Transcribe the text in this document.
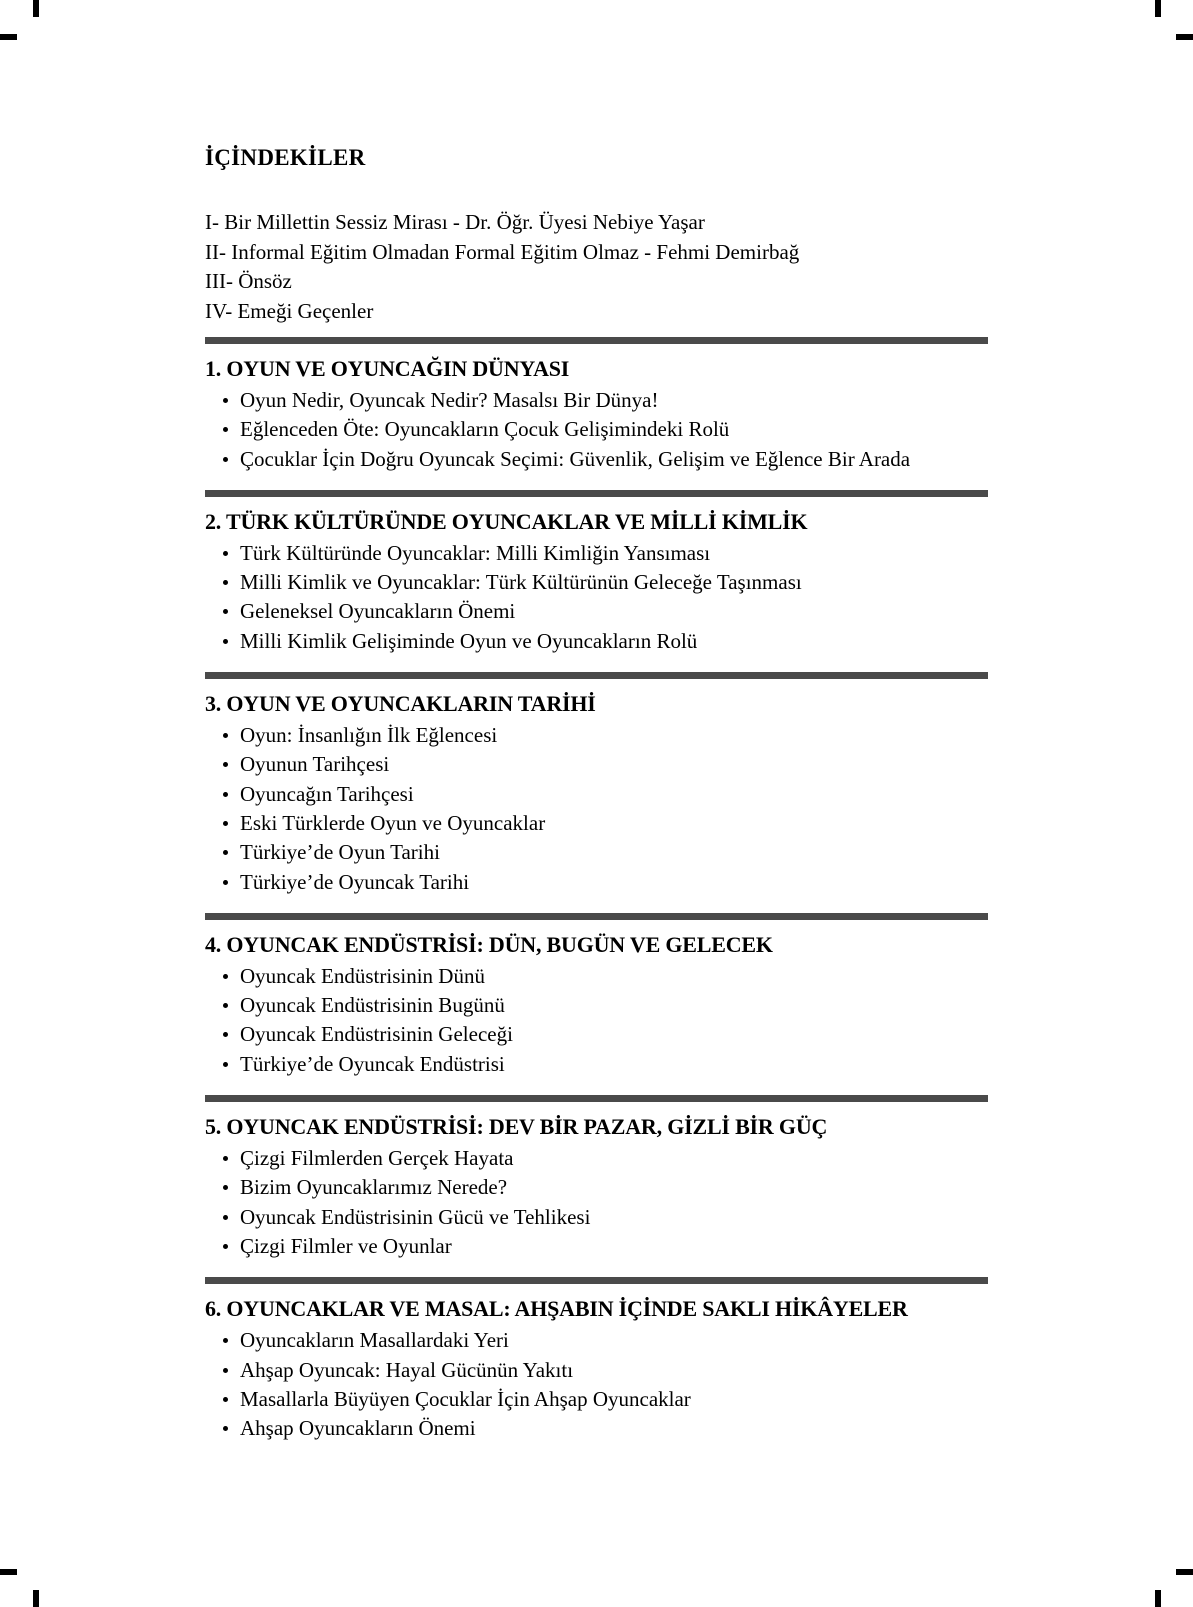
İÇİNDEKİLER
I- Bir Millettin Sessiz Mirası - Dr. Öğr. Üyesi Nebiye Yaşar
II- Informal Eğitim Olmadan Formal Eğitim Olmaz - Fehmi Demirbağ
III- Önsöz
IV- Emeği Geçenler
1. OYUN VE OYUNCAĞIN DÜNYASI
Oyun Nedir, Oyuncak Nedir? Masalsı Bir Dünya!
Eğlenceden Öte: Oyuncakların Çocuk Gelişimindeki Rolü
Çocuklar İçin Doğru Oyuncak Seçimi: Güvenlik, Gelişim ve Eğlence Bir Arada
2. TÜRK KÜLTÜRÜNDE OYUNCAKLAR VE MİLLİ KİMLİK
Türk Kültüründe Oyuncaklar: Milli Kimliğin Yansıması
Milli Kimlik ve Oyuncaklar: Türk Kültürünün Geleceğe Taşınması
Geleneksel Oyuncakların Önemi
Milli Kimlik Gelişiminde Oyun ve Oyuncakların Rolü
3. OYUN VE OYUNCAKLARIN TARİHİ
Oyun: İnsanlığın İlk Eğlencesi
Oyunun Tarihçesi
Oyuncağın Tarihçesi
Eski Türklerde Oyun ve Oyuncaklar
Türkiye’de Oyun Tarihi
Türkiye’de Oyuncak Tarihi
4. OYUNCAK ENDÜSTRİSİ: DÜN, BUGÜN VE GELECEK
Oyuncak Endüstrisinin Dünü
Oyuncak Endüstrisinin Bugünü
Oyuncak Endüstrisinin Geleceği
Türkiye’de Oyuncak Endüstrisi
5. OYUNCAK ENDÜSTRİSİ: DEV BİR PAZAR, GİZLİ BİR GÜÇ
Çizgi Filmlerden Gerçek Hayata
Bizim Oyuncaklarımız Nerede?
Oyuncak Endüstrisinin Gücü ve Tehlikesi
Çizgi Filmler ve Oyunlar
6. OYUNCAKLAR VE MASAL: AHŞABIN İÇİNDE SAKLI HİKÂYELER
Oyuncakların Masallardaki Yeri
Ahşap Oyuncak: Hayal Gücünün Yakıtı
Masallarla Büyüyen Çocuklar İçin Ahşap Oyuncaklar
Ahşap Oyuncakların Önemi
